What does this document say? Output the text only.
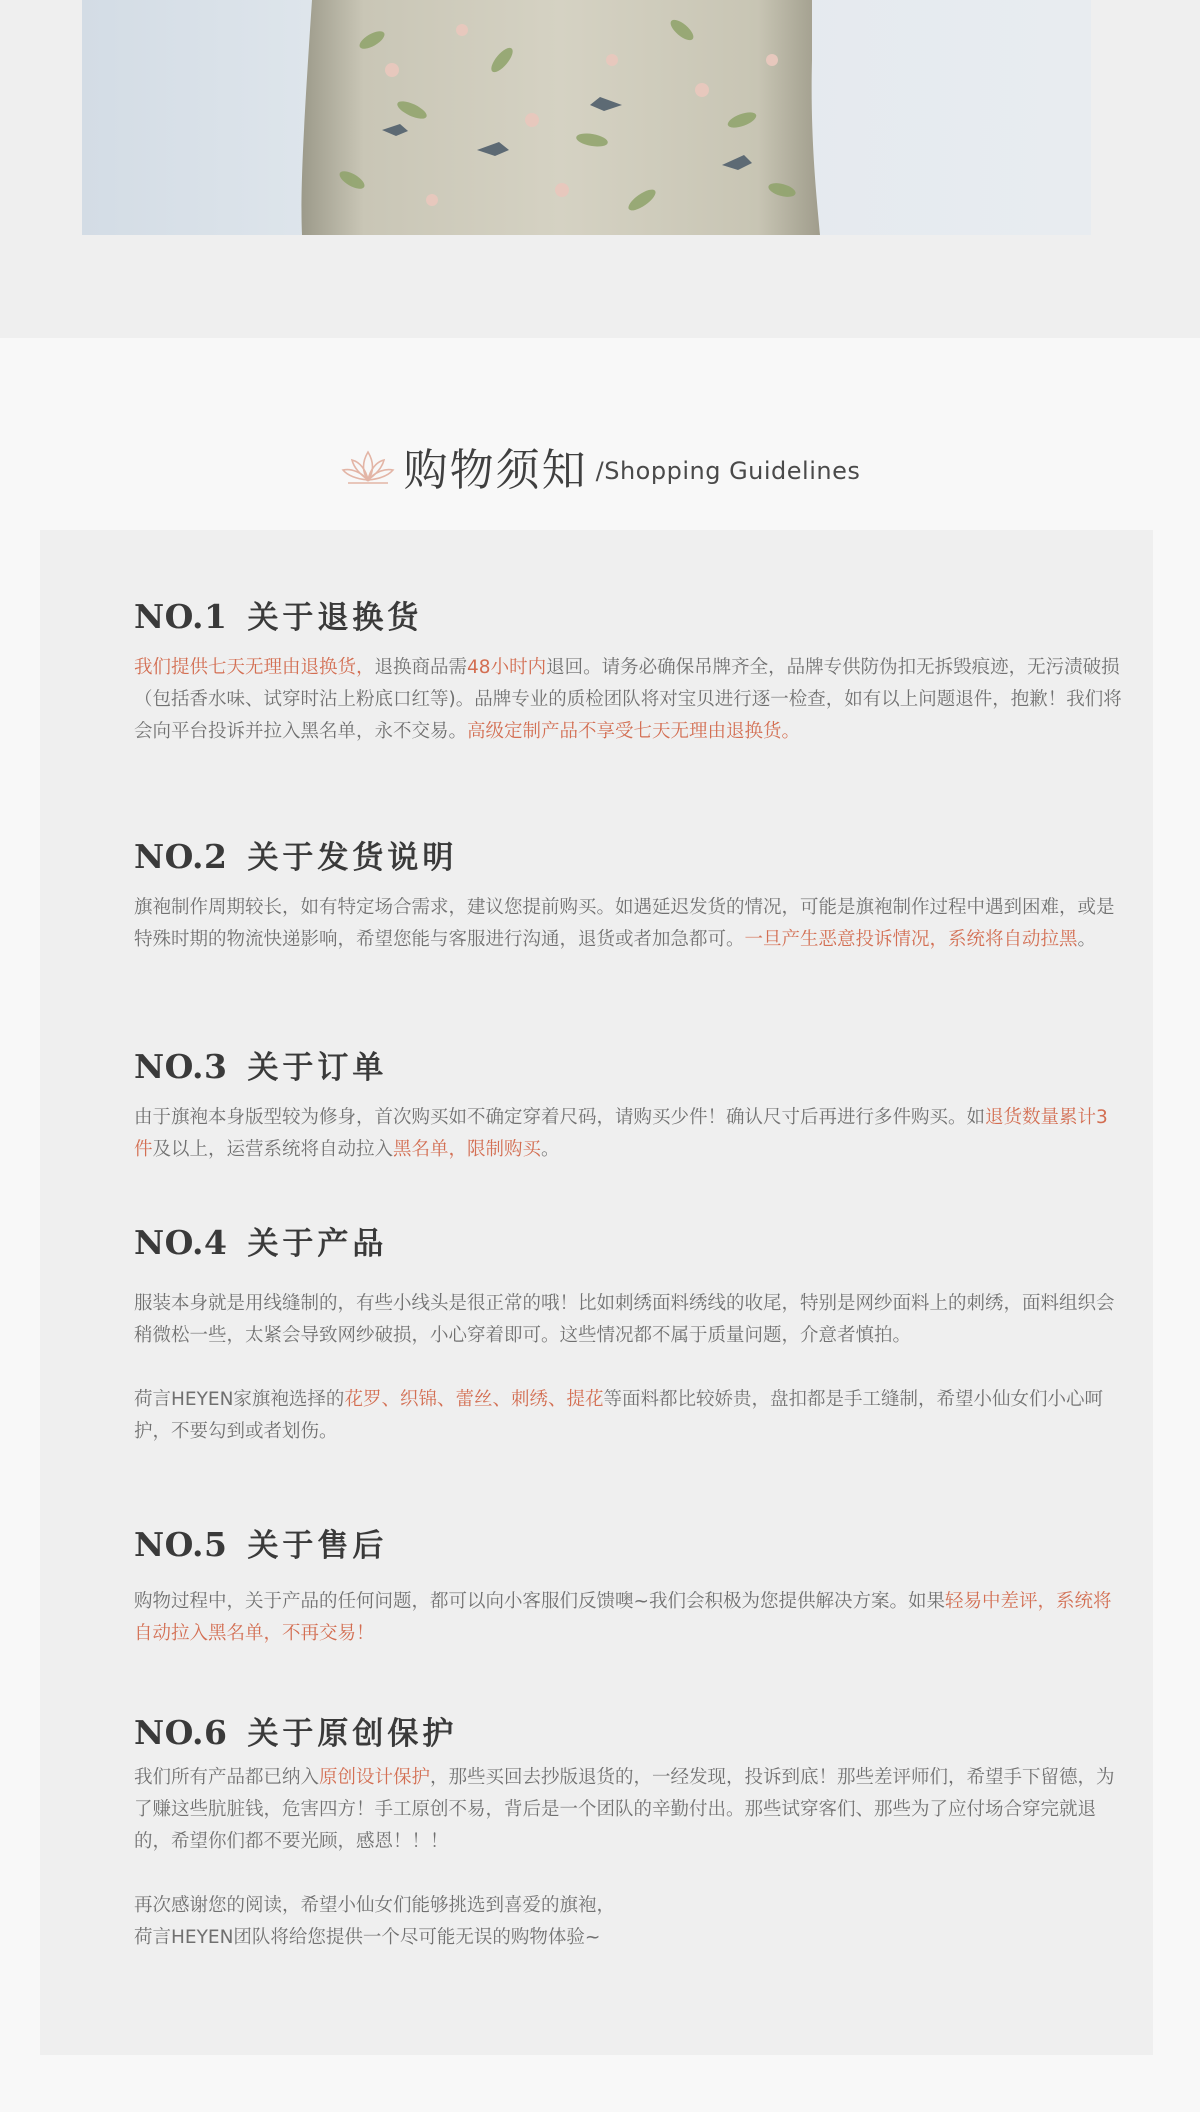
购物须知 /Shopping Guidelines
NO.1 关于退换货

我们提供七天无理由退换货，退换商品需48小时内退回。请务必确保吊牌齐全，品牌专供防伪扣无拆毁痕迹，无污渍破损（包括香水味、试穿时沾上粉底口红等)。品牌专业的质检团队将对宝贝进行逐一检查，如有以上问题退件，抱歉！我们将会向平台投诉并拉入黑名单，永不交易。高级定制产品不享受七天无理由退换货。

NO.2 关于发货说明

旗袍制作周期较长，如有特定场合需求，建议您提前购买。如遇延迟发货的情况，可能是旗袍制作过程中遇到困难，或是特殊时期的物流快递影响，希望您能与客服进行沟通，退货或者加急都可。一旦产生恶意投诉情况，系统将自动拉黑。

NO.3 关于订单

由于旗袍本身版型较为修身，首次购买如不确定穿着尺码，请购买少件！确认尺寸后再进行多件购买。如退货数量累计3件及以上，运营系统将自动拉入黑名单，限制购买。

NO.4 关于产品

服装本身就是用线缝制的，有些小线头是很正常的哦！比如刺绣面料绣线的收尾，特别是网纱面料上的刺绣，面料组织会稍微松一些，太紧会导致网纱破损，小心穿着即可。这些情况都不属于质量问题，介意者慎拍。

荷言HEYEN家旗袍选择的花罗、织锦、蕾丝、刺绣、提花等面料都比较娇贵，盘扣都是手工缝制，希望小仙女们小心呵护，不要勾到或者划伤。

NO.5 关于售后

购物过程中，关于产品的任何问题，都可以向小客服们反馈噢~我们会积极为您提供解决方案。如果轻易中差评，系统将自动拉入黑名单，不再交易！

NO.6 关于原创保护

我们所有产品都已纳入原创设计保护，那些买回去抄版退货的，一经发现，投诉到底！那些差评师们，希望手下留德，为了赚这些肮脏钱，危害四方！手工原创不易，背后是一个团队的辛勤付出。那些试穿客们、那些为了应付场合穿完就退的，希望你们都不要光顾，感恩！！！

再次感谢您的阅读，希望小仙女们能够挑选到喜爱的旗袍，

荷言HEYEN团队将给您提供一个尽可能无误的购物体验~
